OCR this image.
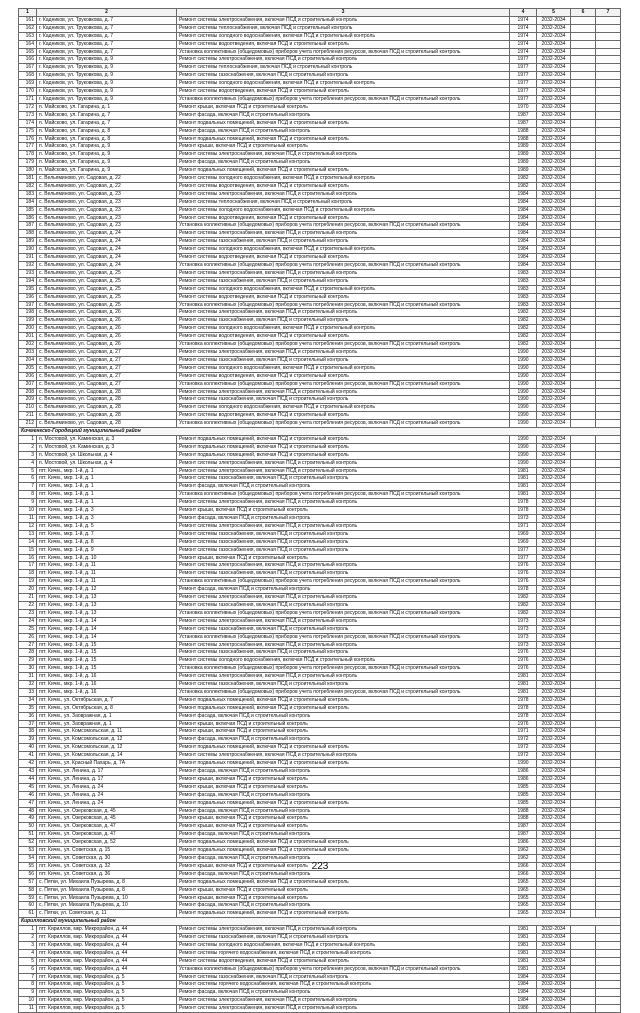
1	2	3	4	5	6	7
161	г. Кадников, ул. Труковкова, д. 7	Ремонт системы электроснабжения, включая ПСД и строительный контроль	1974	2032-2034		
162	г. Кадников, ул. Труковкова, д. 7	Ремонт системы теплоснабжения, включая ПСД и строительный контроль	1974	2032-2034		
163	г. Кадников, ул. Труковкова, д. 7	Ремонт системы холодного водоснабжения, включая ПСД и строительный контроль	1974	2032-2034		
164	г. Кадников, ул. Труковкова, д. 7	Ремонт системы водоотведения, включая ПСД и строительный контроль	1974	2032-2034		
165	г. Кадников, ул. Труковкова, д. 7	Установка коллективных (общедомовых) приборов учета потребления ресурсов, включая ПСД и строительный контроль	1974	2032-2034		
166	г. Кадников, ул. Труковкова, д. 9	Ремонт системы электроснабжения, включая ПСД и строительный контроль	1977	2032-2034		
167	г. Кадников, ул. Труковкова, д. 9	Ремонт системы теплоснабжения, включая ПСД и строительный контроль	1977	2032-2034		
168	г. Кадников, ул. Труковкова, д. 9	Ремонт системы газоснабжения, включая ПСД и строительный контроль	1977	2032-2034		
169	г. Кадников, ул. Труковкова, д. 9	Ремонт системы холодного водоснабжения, включая ПСД и строительный контроль	1977	2032-2034		
170	г. Кадников, ул. Труковкова, д. 9	Ремонт системы водоотведения, включая ПСД и строительный контроль	1977	2032-2034		
171	г. Кадников, ул. Труковкова, д. 9	Установка коллективных (общедомовых) приборов учета потребления ресурсов, включая ПСД и строительный контроль	1977	2032-2034		
172	п. Майсково, ул. Гагарина, д. 1	Ремонт крыши, включая ПСД и строительный контроль	1970	2032-2034		
173	п. Майсково, ул. Гагарина, д. 7	Ремонт фасада, включая ПСД и строительный контроль	1987	2032-2034		
174	п. Майсково, ул. Гагарина, д. 7	Ремонт подвальных помещений, включая ПСД и строительный контроль	1987	2032-2034		
175	п. Майсково, ул. Гагарина, д. 8	Ремонт фасада, включая ПСД и строительный контроль	1988	2032-2034		
176	п. Майсково, ул. Гагарина, д. 8	Ремонт подвальных помещений, включая ПСД и строительный контроль	1988	2032-2034		
177	п. Майсково, ул. Гагарина, д. 9	Ремонт крыши, включая ПСД и строительный контроль	1989	2032-2034		
178	п. Майсково, ул. Гагарина, д. 9	Ремонт системы электроснабжения, включая ПСД и строительный контроль	1989	2032-2034		
179	п. Майсково, ул. Гагарина, д. 9	Ремонт фасада, включая ПСД и строительный контроль	1989	2032-2034		
180	п. Майсково, ул. Гагарина, д. 9	Ремонт подвальных помещений, включая ПСД и строительный контроль	1989	2032-2034		
181	с. Вельяминово, ул. Садовая, д. 22	Ремонт системы холодного водоснабжения, включая ПСД и строительный контроль	1982	2032-2034		
182	с. Вельяминово, ул. Садовая, д. 22	Ремонт системы водоотведения, включая ПСД и строительный контроль	1982	2032-2034		
183	с. Вельяминово, ул. Садовая, д. 23	Ремонт системы электроснабжения, включая ПСД и строительный контроль	1984	2032-2034		
184	с. Вельяминово, ул. Садовая, д. 23	Ремонт системы теплоснабжения, включая ПСД и строительный контроль	1984	2032-2034		
185	с. Вельяминово, ул. Садовая, д. 23	Ремонт системы холодного водоснабжения, включая ПСД и строительный контроль	1984	2032-2034		
186	с. Вельяминово, ул. Садовая, д. 23	Ремонт системы водоотведения, включая ПСД и строительный контроль	1984	2032-2034		
187	с. Вельяминово, ул. Садовая, д. 23	Установка коллективных (общедомовых) приборов учета потребления ресурсов, включая ПСД и строительный контроль	1984	2032-2034		
188	с. Вельяминово, ул. Садовая, д. 24	Ремонт системы электроснабжения, включая ПСД и строительный контроль	1984	2032-2034		
189	с. Вельяминово, ул. Садовая, д. 24	Ремонт системы газоснабжения, включая ПСД и строительный контроль	1984	2032-2034		
190	с. Вельяминово, ул. Садовая, д. 24	Ремонт системы холодного водоснабжения, включая ПСД и строительный контроль	1984	2032-2034		
191	с. Вельяминово, ул. Садовая, д. 24	Ремонт системы водоотведения, включая ПСД и строительный контроль	1984	2032-2034		
192	с. Вельяминово, ул. Садовая, д. 24	Установка коллективных (общедомовых) приборов учета потребления ресурсов, включая ПСД и строительный контроль	1984	2032-2034		
193	с. Вельяминово, ул. Садовая, д. 25	Ремонт системы электроснабжения, включая ПСД и строительный контроль	1983	2032-2034		
194	с. Вельяминово, ул. Садовая, д. 25	Ремонт системы газоснабжения, включая ПСД и строительный контроль	1983	2032-2034		
195	с. Вельяминово, ул. Садовая, д. 25	Ремонт системы холодного водоснабжения, включая ПСД и строительный контроль	1983	2032-2034		
196	с. Вельяминово, ул. Садовая, д. 25	Ремонт системы водоотведения, включая ПСД и строительный контроль	1983	2032-2034		
197	с. Вельяминово, ул. Садовая, д. 25	Установка коллективных (общедомовых) приборов учета потребления ресурсов, включая ПСД и строительный контроль	1983	2032-2034		
198	с. Вельяминово, ул. Садовая, д. 26	Ремонт системы электроснабжения, включая ПСД и строительный контроль	1982	2032-2034		
199	с. Вельяминово, ул. Садовая, д. 26	Ремонт системы газоснабжения, включая ПСД и строительный контроль	1982	2032-2034		
200	с. Вельяминово, ул. Садовая, д. 26	Ремонт системы холодного водоснабжения, включая ПСД и строительный контроль	1982	2032-2034		
201	с. Вельяминово, ул. Садовая, д. 26	Ремонт системы водоотведения, включая ПСД и строительный контроль	1982	2032-2034		
202	с. Вельяминово, ул. Садовая, д. 26	Установка коллективных (общедомовых) приборов учета потребления ресурсов, включая ПСД и строительный контроль	1982	2032-2034		
203	с. Вельяминово, ул. Садовая, д. 27	Ремонт системы электроснабжения, включая ПСД и строительный контроль	1990	2032-2034		
204	с. Вельяминово, ул. Садовая, д. 27	Ремонт системы газоснабжения, включая ПСД и строительный контроль	1990	2032-2034		
205	с. Вельяминово, ул. Садовая, д. 27	Ремонт системы холодного водоснабжения, включая ПСД и строительный контроль	1990	2032-2034		
206	с. Вельяминово, ул. Садовая, д. 27	Ремонт системы водоотведения, включая ПСД и строительный контроль	1990	2032-2034		
207	с. Вельяминово, ул. Садовая, д. 27	Установка коллективных (общедомовых) приборов учета потребления ресурсов, включая ПСД и строительный контроль	1990	2032-2034		
208	с. Вельяминово, ул. Садовая, д. 28	Ремонт системы электроснабжения, включая ПСД и строительный контроль	1990	2032-2034		
209	с. Вельяминово, ул. Садовая, д. 28	Ремонт системы газоснабжения, включая ПСД и строительный контроль	1990	2032-2034		
210	с. Вельяминово, ул. Садовая, д. 28	Ремонт системы холодного водоснабжения, включая ПСД и строительный контроль	1990	2032-2034		
211	с. Вельяминово, ул. Садовая, д. 28	Ремонт системы водоотведения, включая ПСД и строительный контроль	1990	2032-2034		
212	с. Вельяминово, ул. Садовая, д. 28	Установка коллективных (общедомовых) приборов учета потребления ресурсов, включая ПСД и строительный контроль	1990	2032-2034		
Кичменгско-Городецкий муниципальный район						
1	п. Мостовой, ул. Каминская, д. 3	Ремонт подвальных помещений, включая ПСД и строительный контроль	1990	2032-2034		
2	п. Мостовой, ул. Каминская, д. 3	Ремонт подвальных помещений, включая ПСД и строительный контроль	1990	2032-2034		
3	п. Мостовой, ул. Школьная, д. 4	Ремонт подвальных помещений, включая ПСД и строительный контроль	1990	2032-2034		
4	п. Мостовой, ул. Школьная, д. 4	Ремонт системы электроснабжения, включая ПСД и строительный контроль	1990	2032-2034		
5	пгт. Кичм., мкр. 1-й, д. 1	Ремонт системы электроснабжения, включая ПСД и строительный контроль	1981	2032-2034		
6	пгт. Кичм., мкр. 1-й, д. 1	Ремонт системы газоснабжения, включая ПСД и строительный контроль	1981	2032-2034		
7	пгт. Кичм., мкр. 1-й, д. 1	Ремонт фасада, включая ПСД и строительный контроль	1981	2032-2034		
8	пгт. Кичм., мкр. 1-й, д. 1	Установка коллективных (общедомовых) приборов учета потребления ресурсов, включая ПСД и строительный контроль	1981	2032-2034		
9	пгт. Кичм., мкр. 1-й, д. 1	Ремонт системы электроснабжения, включая ПСД и строительный контроль	1978	2032-2034		
10	пгт. Кичм., мкр. 1-й, д. 3	Ремонт крыши, включая ПСД и строительный контроль	1978	2032-2034		
11	пгт. Кичм., мкр. 1-й, д. 3	Ремонт фасада, включая ПСД и строительный контроль	1973	2032-2034		
12	пгт. Кичм., мкр. 1-й, д. 5	Ремонт системы электроснабжения, включая ПСД и строительный контроль	1971	2032-2034		
13	пгт. Кичм., мкр. 1-й, д. 7	Ремонт системы газоснабжения, включая ПСД и строительный контроль	1969	2032-2034		
14	пгт. Кичм., мкр. 1-й, д. 8	Ремонт системы газоснабжения, включая ПСД и строительный контроль	1969	2032-2034		
15	пгт. Кичм., мкр. 1-й, д. 9	Ремонт системы газоснабжения, включая ПСД и строительный контроль	1977	2032-2034		
16	пгт. Кичм., мкр. 1-й, д. 10	Ремонт крыши, включая ПСД и строительный контроль	1977	2032-2034		
17	пгт. Кичм., мкр. 1-й, д. 11	Ремонт системы электроснабжения, включая ПСД и строительный контроль	1976	2032-2034		
18	пгт. Кичм., мкр. 1-й, д. 11	Ремонт системы газоснабжения, включая ПСД и строительный контроль	1976	2032-2034		
19	пгт. Кичм., мкр. 1-й, д. 11	Установка коллективных (общедомовых) приборов учета потребления ресурсов, включая ПСД и строительный контроль	1976	2032-2034		
20	пгт. Кичм., мкр. 1-й, д. 12	Ремонт фасада, включая ПСД и строительный контроль	1978	2032-2034		
21	пгт. Кичм., мкр. 1-й, д. 13	Ремонт системы электроснабжения, включая ПСД и строительный контроль	1982	2032-2034		
22	пгт. Кичм., мкр. 1-й, д. 13	Ремонт системы газоснабжения, включая ПСД и строительный контроль	1982	2032-2034		
23	пгт. Кичм., мкр. 1-й, д. 13	Установка коллективных (общедомовых) приборов учета потребления ресурсов, включая ПСД и строительный контроль	1982	2032-2034		
24	пгт. Кичм., мкр. 1-й, д. 14	Ремонт системы электроснабжения, включая ПСД и строительный контроль	1973	2032-2034		
25	пгт. Кичм., мкр. 1-й, д. 14	Ремонт системы газоснабжения, включая ПСД и строительный контроль	1973	2032-2034		
26	пгт. Кичм., мкр. 1-й, д. 14	Установка коллективных (общедомовых) приборов учета потребления ресурсов, включая ПСД и строительный контроль	1973	2032-2034		
27	пгт. Кичм., мкр. 1-й, д. 15	Ремонт системы электроснабжения, включая ПСД и строительный контроль	1973	2032-2034		
28	пгт. Кичм., мкр. 1-й, д. 15	Ремонт системы газоснабжения, включая ПСД и строительный контроль	1976	2032-2034		
29	пгт. Кичм., мкр. 1-й, д. 15	Ремонт системы холодного водоснабжения, включая ПСД и строительный контроль	1976	2032-2034		
30	пгт. Кичм., мкр. 1-й, д. 15	Установка коллективных (общедомовых) приборов учета потребления ресурсов, включая ПСД и строительный контроль	1976	2032-2034		
31	пгт. Кичм., мкр. 1-й, д. 16	Ремонт системы электроснабжения, включая ПСД и строительный контроль	1981	2032-2034		
32	пгт. Кичм., мкр. 1-й, д. 16	Ремонт системы газоснабжения, включая ПСД и строительный контроль	1981	2032-2034		
33	пгт. Кичм., мкр. 1-й, д. 16	Установка коллективных (общедомовых) приборов учета потребления ресурсов, включая ПСД и строительный контроль	1981	2032-2034		
34	пгт. Кичм., ул. Октябрьская, д. 7	Ремонт подвальных помещений, включая ПСД и строительный контроль	1978	2032-2034		
35	пгт. Кичм., ул. Октябрьская, д. 8	Ремонт подвальных помещений, включая ПСД и строительный контроль	1978	2032-2034		
36	пгт. Кичм., ул. Заовражная, д. 1	Ремонт фасада, включая ПСД и строительный контроль	1978	2032-2034		
37	пгт. Кичм., ул. Заовражная, д. 1	Ремонт крыши, включая ПСД и строительный контроль	1976	2032-2034		
38	пгт. Кичм., ул. Комсомольская, д. 11	Ремонт крыши, включая ПСД и строительный контроль	1971	2032-2034		
39	пгт. Кичм., ул. Комсомольская, д. 12	Ремонт фасада, включая ПСД и строительный контроль	1972	2032-2034		
40	пгт. Кичм., ул. Комсомольская, д. 12	Ремонт подвальных помещений, включая ПСД и строительный контроль	1972	2032-2034		
41	пгт. Кичм., ул. Комсомольская, д. 14	Ремонт системы электроснабжения, включая ПСД и строительный контроль	1972	2032-2034		
42	пгт. Кичм., ул. Красный Пахарь, д. 7А	Ремонт подвальных помещений, включая ПСД и строительный контроль	1990	2032-2034		
43	пгт. Кичм., ул. Ленина, д. 17	Ремонт фасада, включая ПСД и строительный контроль	1986	2032-2034		
44	пгт. Кичм., ул. Ленина, д. 17	Ремонт крыши, включая ПСД и строительный контроль	1986	2032-2034		
45	пгт. Кичм., ул. Ленина, д. 24	Ремонт крыши, включая ПСД и строительный контроль	1985	2032-2034		
46	пгт. Кичм., ул. Ленина, д. 24	Ремонт фасада, включая ПСД и строительный контроль	1985	2032-2034		
47	пгт. Кичм., ул. Ленина, д. 24	Ремонт подвальных помещений, включая ПСД и строительный контроль	1985	2032-2034		
48	пгт. Кичм., ул. Озерковская, д. 45	Ремонт фасада, включая ПСД и строительный контроль	1988	2032-2034		
49	пгт. Кичм., ул. Озерковская, д. 45	Ремонт крыши, включая ПСД и строительный контроль	1988	2032-2034		
50	пгт. Кичм., ул. Озерковская, д. 47	Ремонт крыши, включая ПСД и строительный контроль	1987	2032-2034		
51	пгт. Кичм., ул. Озерковская, д. 47	Ремонт фасада, включая ПСД и строительный контроль	1987	2032-2034		
52	пгт. Кичм., ул. Озерковская, д. 52	Ремонт подвальных помещений, включая ПСД и строительный контроль	1986	2032-2034		
53	пгт. Кичм., ул. Советская, д. 15	Ремонт подвальных помещений, включая ПСД и строительный контроль	1962	2032-2034		
54	пгт. Кичм., ул. Советская, д. 30	Ремонт фасада, включая ПСД и строительный контроль	1962	2032-2034		
55	пгт. Кичм., ул. Советская, д. 32	Ремонт крыши, включая ПСД и строительный контроль	1966	2032-2034		
56	пгт. Кичм., ул. Советская, д. 36	Ремонт фасада, включая ПСД и строительный контроль	1966	2032-2034		
57	с. Пятки, ул. Михаила Пузырева, д. 8	Ремонт подвальных помещений, включая ПСД и строительный контроль	1965	2032-2034		
58	с. Пятки, ул. Михаила Пузырева, д. 8	Ремонт крыши, включая ПСД и строительный контроль	1965	2032-2034		
59	с. Пятки, ул. Михаила Пузырева, д. 10	Ремонт крыши, включая ПСД и строительный контроль	1965	2032-2034		
60	с. Пятки, ул. Михаила Пузырева, д. 10	Ремонт фасада, включая ПСД и строительный контроль	1965	2032-2034		
61	с. Пятки, ул. Советская, д. 11	Ремонт подвальных помещений, включая ПСД и строительный контроль	1965	2032-2034		
Кирилловский муниципальный район						
1	пгт. Кириллов, мкр. Микрорайон, д. 44	Ремонт системы электроснабжения, включая ПСД и строительный контроль	1981	2032-2034		
2	пгт. Кириллов, мкр. Микрорайон, д. 44	Ремонт системы газоснабжения, включая ПСД и строительный контроль	1981	2032-2034		
3	пгт. Кириллов, мкр. Микрорайон, д. 44	Ремонт системы холодного водоснабжения, включая ПСД и строительный контроль	1981	2032-2034		
4	пгт. Кириллов, мкр. Микрорайон, д. 44	Ремонт системы горячего водоснабжения, включая ПСД и строительный контроль	1981	2032-2034		
5	пгт. Кириллов, мкр. Микрорайон, д. 44	Ремонт системы водоотведения, включая ПСД и строительный контроль	1981	2032-2034		
6	пгт. Кириллов, мкр. Микрорайон, д. 44	Установка коллективных (общедомовых) приборов учета потребления ресурсов, включая ПСД и строительный контроль	1981	2032-2034		
7	пгт. Кириллов, мкр. Микрорайон, д. 5	Ремонт системы газоснабжения, включая ПСД и строительный контроль	1984	2032-2034		
8	пгт. Кириллов, мкр. Микрорайон, д. 5	Ремонт системы горячего водоснабжения, включая ПСД и строительный контроль	1984	2032-2034		
9	пгт. Кириллов, мкр. Микрорайон, д. 5	Ремонт фасада, включая ПСД и строительный контроль	1984	2032-2034		
10	пгт. Кириллов, мкр. Микрорайон, д. 5	Ремонт системы электроснабжения, включая ПСД и строительный контроль	1984	2032-2034		
11	пгт. Кириллов, мкр. Микрорайон, д. 5	Ремонт системы электроснабжения, включая ПСД и строительный контроль	1986	2032-2034		
223
